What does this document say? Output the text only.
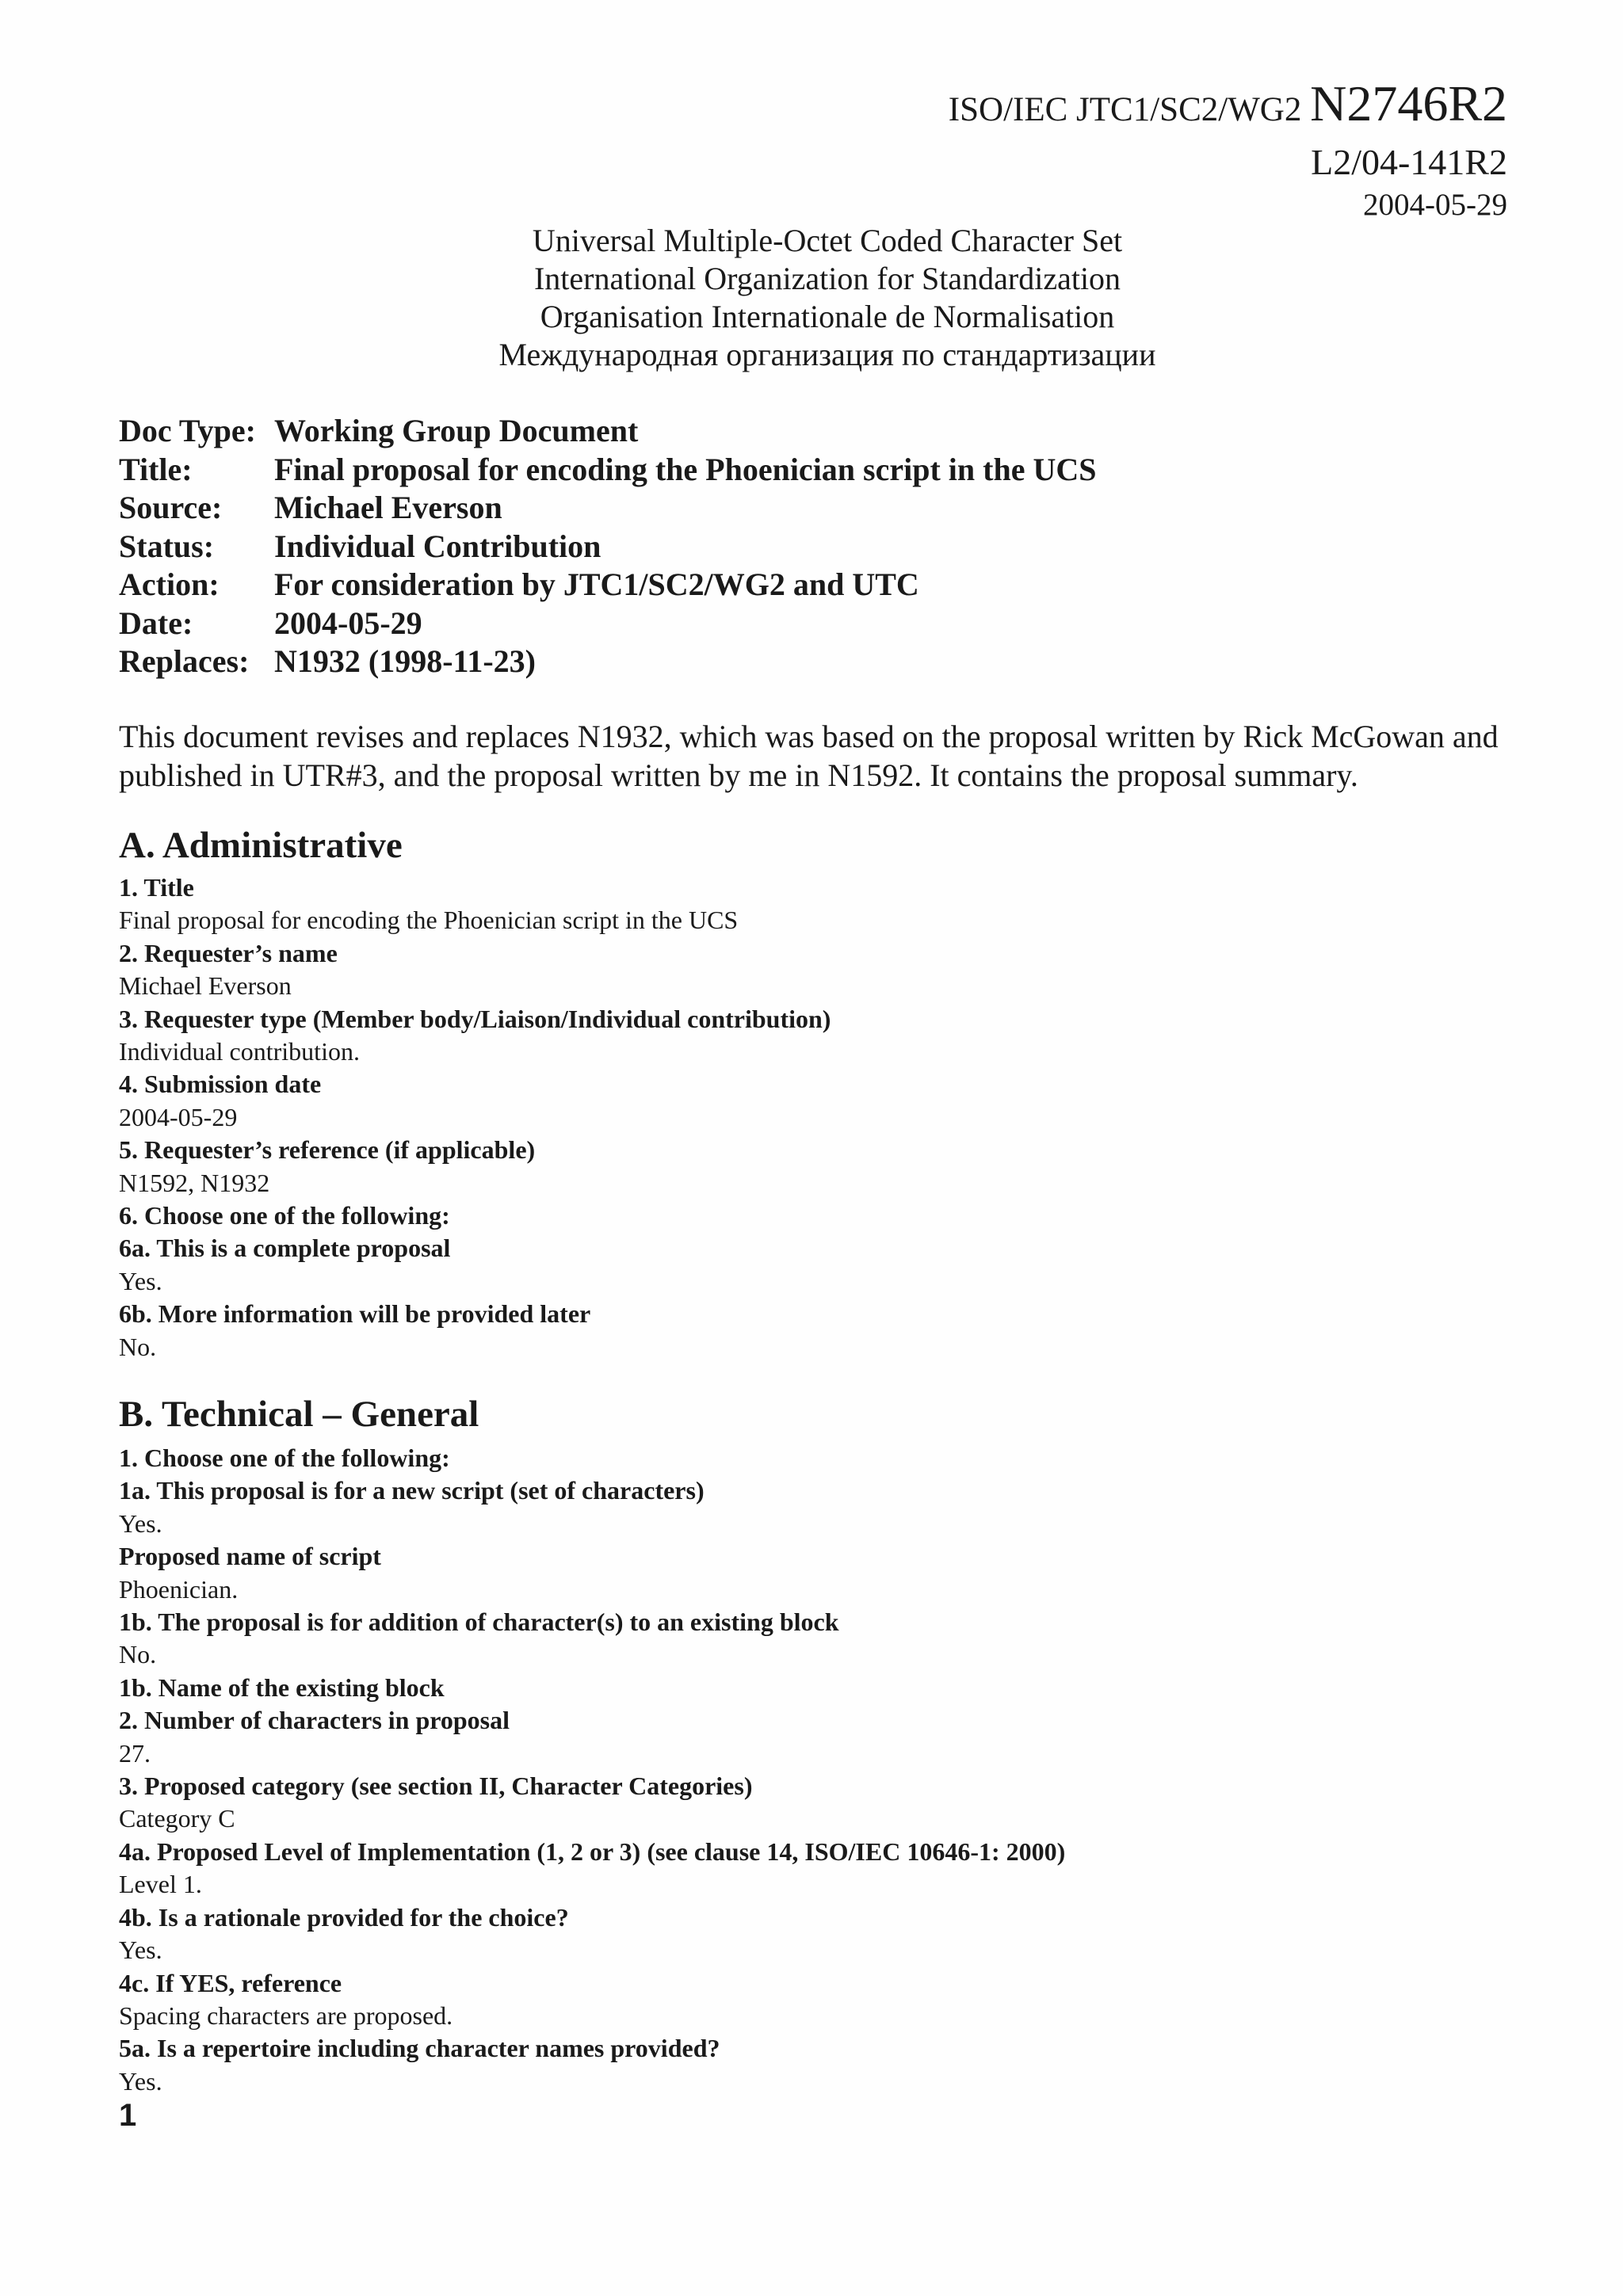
ISO/IEC JTC1/SC2/WG2 N2746R2
L2/04-141R2
2004-05-29
Universal Multiple-Octet Coded Character Set
International Organization for Standardization
Organisation Internationale de Normalisation
Международная организация по стандартизации
Doc Type: Working Group Document
Title:	Final proposal for encoding the Phoenician script in the UCS
Source:	Michael Everson
Status:	Individual Contribution
Action:	For consideration by JTC1/SC2/WG2 and UTC
Date:	2004-05-29
Replaces: N1932 (1998-11-23)

This document revises and replaces N1932, which was based on the proposal written by Rick McGowan and published in UTR#3, and the proposal written by me in N1592. It contains the proposal summary.

A. Administrative
1. Title
Final proposal for encoding the Phoenician script in the UCS
2. Requester’s name
Michael Everson
3. Requester type (Member body/Liaison/Individual contribution)
Individual contribution.
4. Submission date
2004-05-29
5. Requester’s reference (if applicable)
N1592, N1932
6. Choose one of the following:
6a. This is a complete proposal
Yes.
6b. More information will be provided later
No.
B. Technical – General
1. Choose one of the following:
1a. This proposal is for a new script (set of characters)
Yes.
Proposed name of script
Phoenician.
1b. The proposal is for addition of character(s) to an existing block
No.
1b. Name of the existing block
2. Number of characters in proposal
27.
3. Proposed category (see section II, Character Categories)
Category C
4a. Proposed Level of Implementation (1, 2 or 3) (see clause 14, ISO/IEC 10646-1: 2000)
Level 1.
4b. Is a rationale provided for the choice?
Yes.
4c. If YES, reference
Spacing characters are proposed.
5a. Is a repertoire including character names provided?
Yes.
1
